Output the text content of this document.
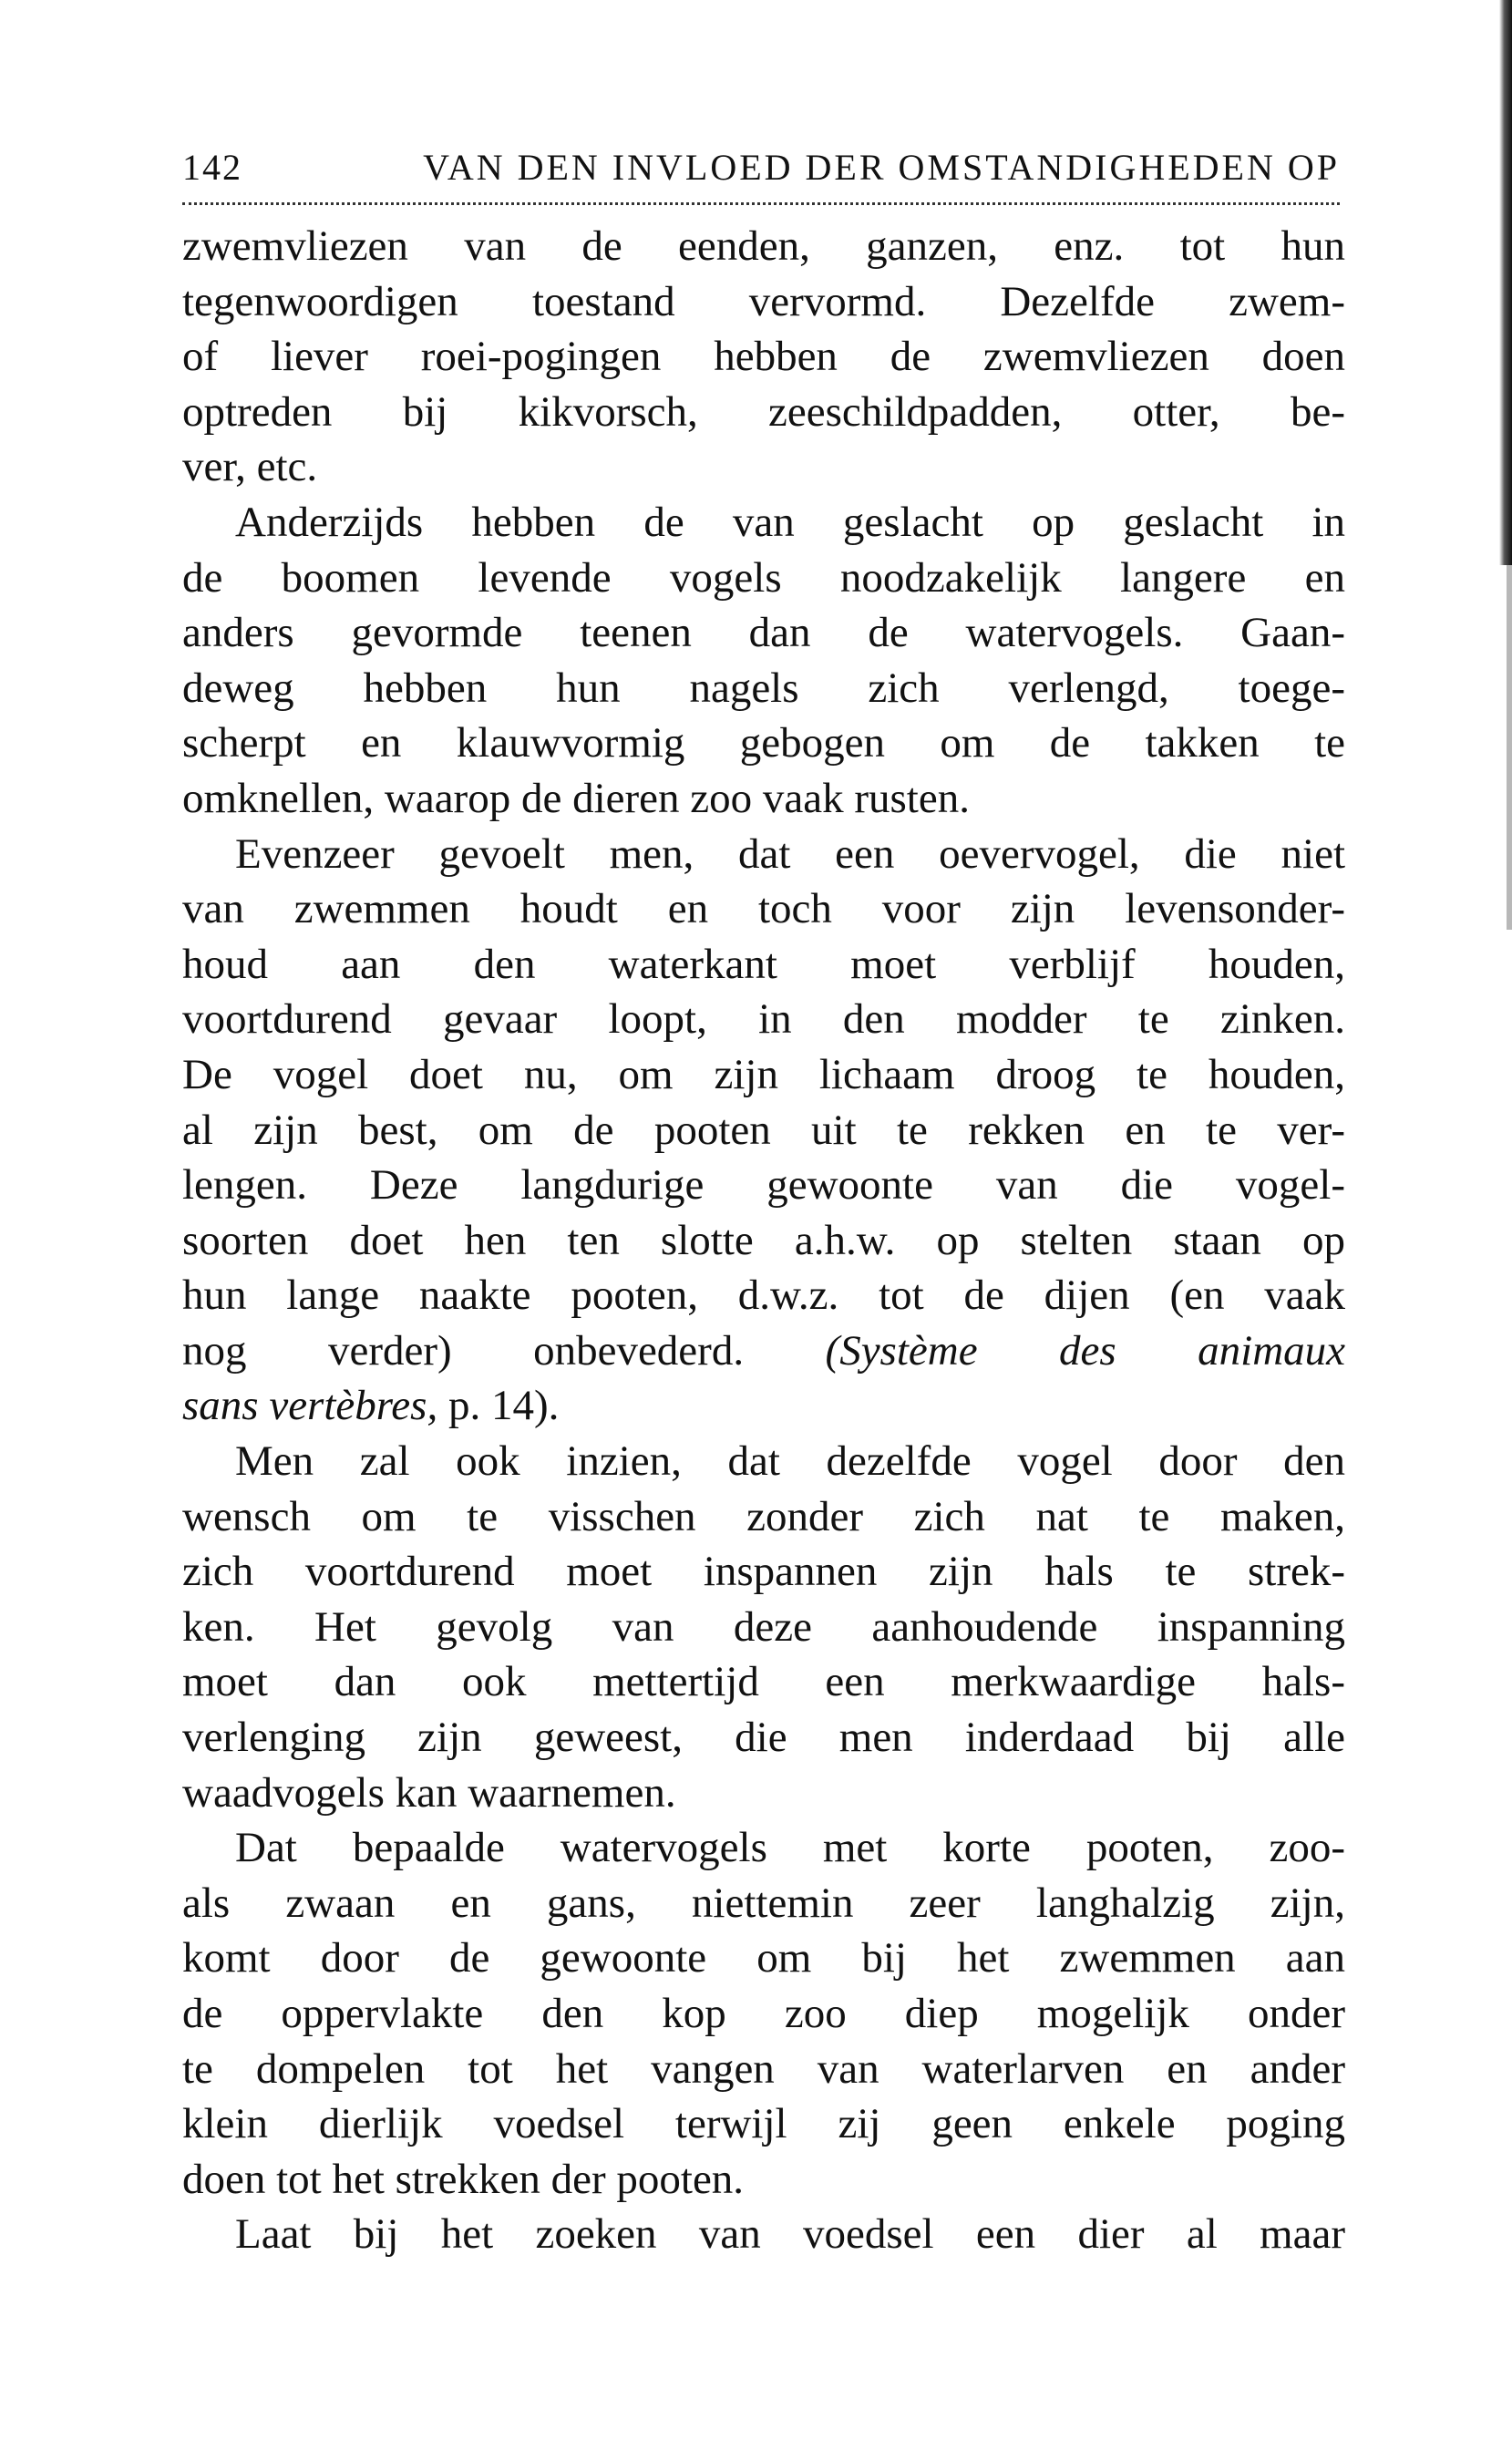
142	VAN DEN INVLOED DER OMSTANDIGHEDEN OP
zwemvliezen van de eenden, ganzen, enz. tot hun
tegenwoordigen toestand vervormd. Dezelfde zwem-
of liever roei-pogingen hebben de zwemvliezen doen
optreden bij kikvorsch, zeeschildpadden, otter, be-
ver, etc.
Anderzijds hebben de van geslacht op geslacht in
de boomen levende vogels noodzakelijk langere en
anders gevormde teenen dan de watervogels. Gaan-
deweg hebben hun nagels zich verlengd, toege-
scherpt en klauwvormig gebogen om de takken te
omknellen, waarop de dieren zoo vaak rusten.
Evenzeer gevoelt men, dat een oevervogel, die niet
van zwemmen houdt en toch voor zijn levensonder-
houd aan den waterkant moet verblijf houden,
voortdurend gevaar loopt, in den modder te zinken.
De vogel doet nu, om zijn lichaam droog te houden,
al zijn best, om de pooten uit te rekken en te ver-
lengen. Deze langdurige gewoonte van die vogel-
soorten doet hen ten slotte a.h.w. op stelten staan op
hun lange naakte pooten, d.w.z. tot de dijen (en vaak
nog verder) onbevederd. (Système des animaux
sans vertèbres, p. 14).
Men zal ook inzien, dat dezelfde vogel door den
wensch om te visschen zonder zich nat te maken,
zich voortdurend moet inspannen zijn hals te strek-
ken. Het gevolg van deze aanhoudende inspanning
moet dan ook mettertijd een merkwaardige hals-
verlenging zijn geweest, die men inderdaad bij alle
waadvogels kan waarnemen.
Dat bepaalde watervogels met korte pooten, zoo-
als zwaan en gans, niettemin zeer langhalzig zijn,
komt door de gewoonte om bij het zwemmen aan
de oppervlakte den kop zoo diep mogelijk onder
te dompelen tot het vangen van waterlarven en ander
klein dierlijk voedsel terwijl zij geen enkele poging
doen tot het strekken der pooten.
Laat bij het zoeken van voedsel een dier al maar
